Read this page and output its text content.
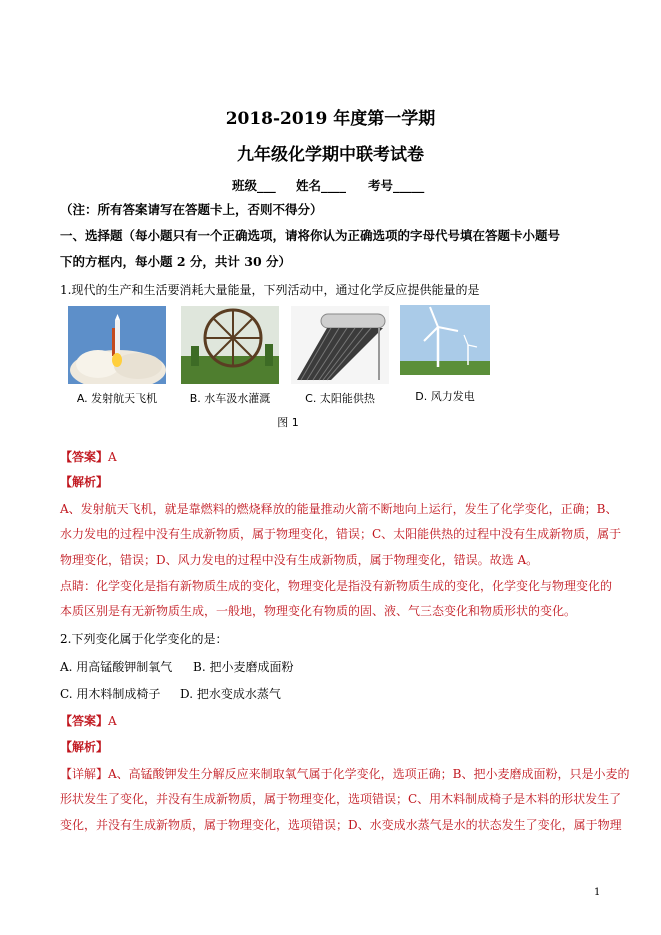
2018-2019 年度第一学期
九年级化学期中联考试卷
班级___ 姓名____ 考号_____
（注：所有答案请写在答题卡上，否则不得分）
一、选择题（每小题只有一个正确选项，请将你认为正确选项的字母代号填在答题卡小题号
下的方框内，每小题 2 分，共计 30 分）
1.现代的生产和生活要消耗大量能量，下列活动中，通过化学反应提供能量的是
A. 发射航天飞机	B. 水车汲水灌溉	C. 太阳能供热	D. 风力发电
图 1
【答案】A
【解析】
A、发射航天飞机，就是靠燃料的燃烧释放的能量推动火箭不断地向上运行，发生了化学变化，正确；B、
水力发电的过程中没有生成新物质，属于物理变化，错误；C、太阳能供热的过程中没有生成新物质，属于
物理变化，错误；D、风力发电的过程中没有生成新物质，属于物理变化，错误。故选 A。
点睛：化学变化是指有新物质生成的变化，物理变化是指没有新物质生成的变化，化学变化与物理变化的
本质区别是有无新物质生成，一般地，物理变化有物质的固、液、气三态变化和物质形状的变化。
2.下列变化属于化学变化的是：
A. 用高锰酸钾制氧气 B. 把小麦磨成面粉
C. 用木料制成椅子 D. 把水变成水蒸气
【答案】A
【解析】
【详解】A、高锰酸钾发生分解反应来制取氧气属于化学变化，选项正确；B、把小麦磨成面粉，只是小麦的
形状发生了变化，并没有生成新物质，属于物理变化，选项错误；C、用木料制成椅子是木料的形状发生了
变化，并没有生成新物质，属于物理变化，选项错误；D、水变成水蒸气是水的状态发生了变化，属于物理
1
